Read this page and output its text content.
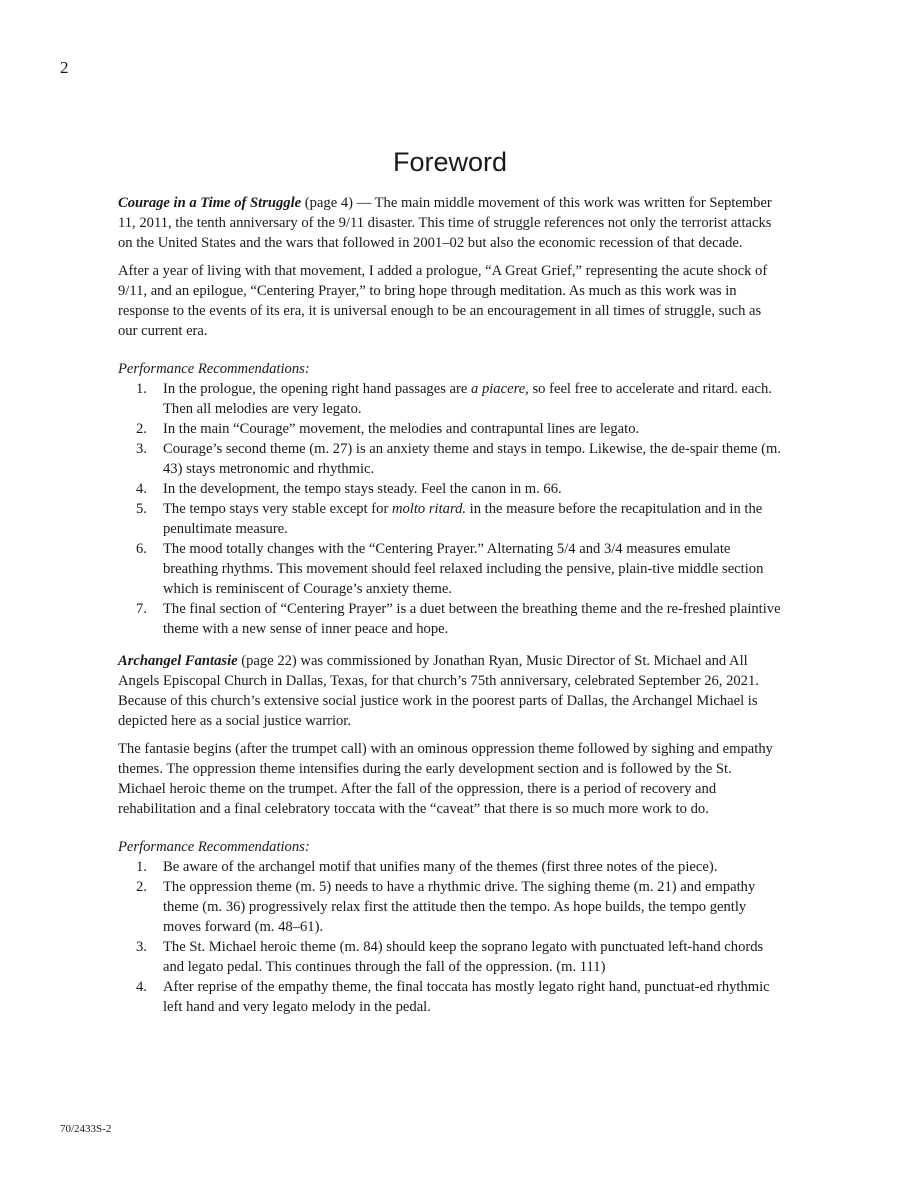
2
Foreword

Courage in a Time of Struggle (page 4) — The main middle movement of this work was written for September 11, 2011, the tenth anniversary of the 9/11 disaster. This time of struggle references not only the terrorist attacks on the United States and the wars that followed in 2001–02 but also the economic recession of that decade.

After a year of living with that movement, I added a prologue, “A Great Grief,” representing the acute shock of 9/11, and an epilogue, “Centering Prayer,” to bring hope through meditation. As much as this work was in response to the events of its era, it is universal enough to be an encouragement in all times of struggle, such as our current era.

Performance Recommendations:

1. In the prologue, the opening right hand passages are a piacere, so feel free to accelerate and ritard. each. Then all melodies are very legato.
2. In the main “Courage” movement, the melodies and contrapuntal lines are legato.
3. Courage’s second theme (m. 27) is an anxiety theme and stays in tempo. Likewise, the de-spair theme (m. 43) stays metronomic and rhythmic.
4. In the development, the tempo stays steady. Feel the canon in m. 66.
5. The tempo stays very stable except for molto ritard. in the measure before the recapitulation and in the penultimate measure.
6. The mood totally changes with the “Centering Prayer.” Alternating 5/4 and 3/4 measures emulate breathing rhythms. This movement should feel relaxed including the pensive, plain-tive middle section which is reminiscent of Courage’s anxiety theme.
7. The final section of “Centering Prayer” is a duet between the breathing theme and the re-freshed plaintive theme with a new sense of inner peace and hope.

Archangel Fantasie (page 22) was commissioned by Jonathan Ryan, Music Director of St. Michael and All Angels Episcopal Church in Dallas, Texas, for that church’s 75th anniversary, celebrated September 26, 2021. Because of this church’s extensive social justice work in the poorest parts of Dallas, the Archangel Michael is depicted here as a social justice warrior.

The fantasie begins (after the trumpet call) with an ominous oppression theme followed by sighing and empathy themes. The oppression theme intensifies during the early development section and is followed by the St. Michael heroic theme on the trumpet. After the fall of the oppression, there is a period of recovery and rehabilitation and a final celebratory toccata with the “caveat” that there is so much more work to do.

Performance Recommendations:

1. Be aware of the archangel motif that unifies many of the themes (first three notes of the piece).
2. The oppression theme (m. 5) needs to have a rhythmic drive. The sighing theme (m. 21) and empathy theme (m. 36) progressively relax first the attitude then the tempo. As hope builds, the tempo gently moves forward (m. 48–61).
3. The St. Michael heroic theme (m. 84) should keep the soprano legato with punctuated left-hand chords and legato pedal. This continues through the fall of the oppression. (m. 111)
4. After reprise of the empathy theme, the final toccata has mostly legato right hand, punctuat-ed rhythmic left hand and very legato melody in the pedal.
70/2433S-2
